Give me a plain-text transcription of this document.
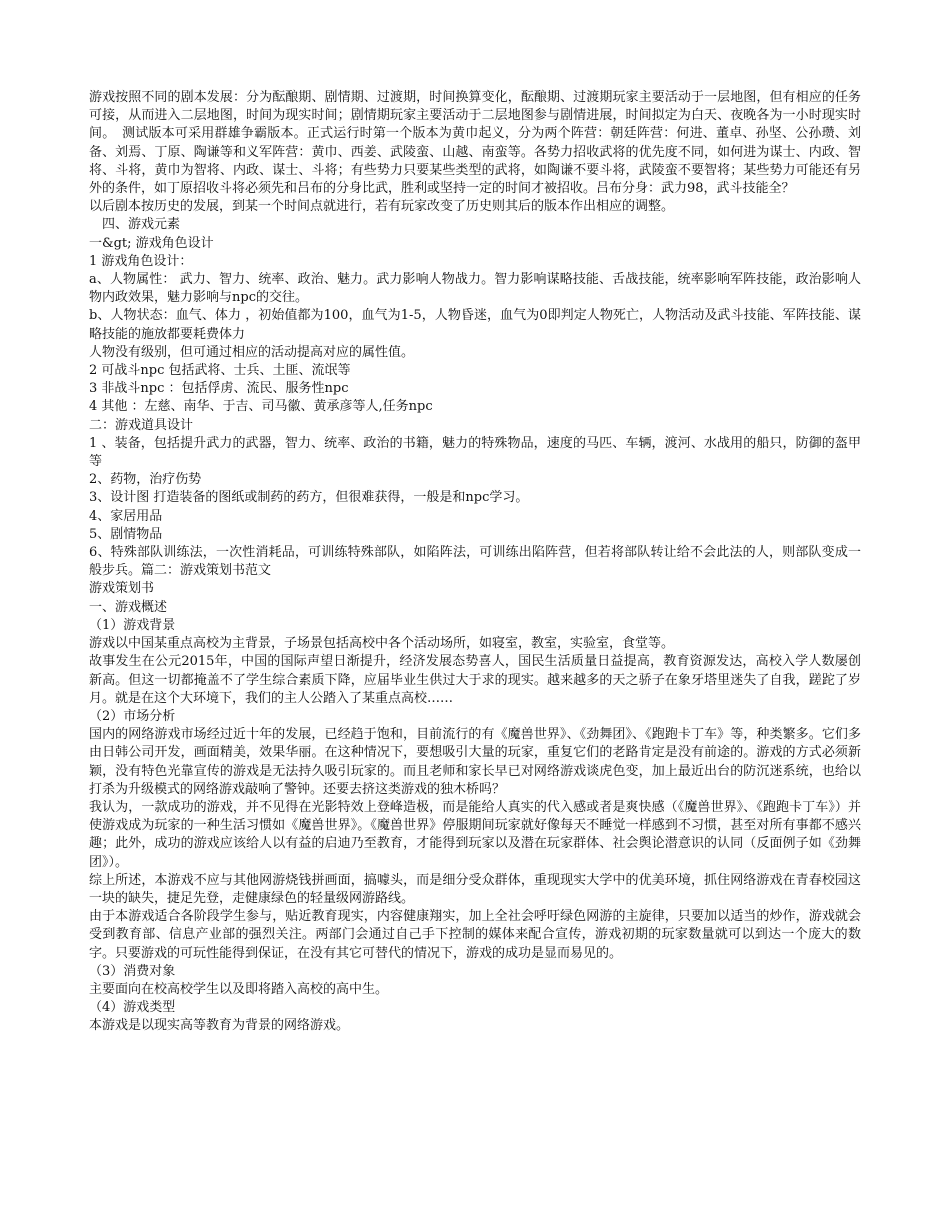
游戏按照不同的剧本发展：分为酝酿期、剧情期、过渡期，时间换算变化，酝酿期、过渡期玩家主要活动于一层地图，但有相应的任务可接，从而进入二层地图，时间为现实时间；剧情期玩家主要活动于二层地图参与剧情进展，时间拟定为白天、夜晚各为一小时现实时间。　测试版本可采用群雄争霸版本。正式运行时第一个版本为黄巾起义，分为两个阵营：朝廷阵营：何进、董卓、孙坚、公孙瓒、刘备、刘焉、丁原、陶谦等和义军阵营：黄巾、西姜、武陵蛮、山越、南蛮等。各势力招收武将的优先度不同，如何进为谋士、内政、智将、斗将，黄巾为智将、内政、谋士、斗将；有些势力只要某些类型的武将，如陶谦不要斗将，武陵蛮不要智将；某些势力可能还有另外的条件，如丁原招收斗将必须先和吕布的分身比武，胜利或坚持一定的时间才被招收。吕布分身：武力98，武斗技能全？

以后剧本按历史的发展，到某一个时间点就进行，若有玩家改变了历史则其后的版本作出相应的调整。

　四、游戏元素

一&gt; 游戏角色设计

1 游戏角色设计：

a、人物属性： 武力、智力、统率、政治、魅力。武力影响人物战力。智力影响谋略技能、舌战技能，统率影响军阵技能，政治影响人物内政效果，魅力影响与npc的交往。

b、人物状态：血气、体力 ，初始值都为100，血气为1-5，人物昏迷，血气为0即判定人物死亡，人物活动及武斗技能、军阵技能、谋略技能的施放都要耗费体力

人物没有级别，但可通过相应的活动提高对应的属性值。

2 可战斗npc 包括武将、士兵、土匪、流氓等

3 非战斗npc ：包括俘虏、流民、服务性npc

4 其他 ：左慈、南华、于吉、司马徽、黄承彦等人,任务npc

二：游戏道具设计

1 、装备，包括提升武力的武器，智力、统率、政治的书籍，魅力的特殊物品，速度的马匹、车辆，渡河、水战用的船只，防御的盔甲等

2、药物，治疗伤势

3、设计图 打造装备的图纸或制药的药方，但很难获得，一般是和npc学习。

4、家居用品

5、剧情物品

6、特殊部队训练法，一次性消耗品，可训练特殊部队，如陷阵法，可训练出陷阵营，但若将部队转让给不会此法的人，则部队变成一般步兵。篇二：游戏策划书范文

游戏策划书

一、游戏概述

（1）游戏背景

游戏以中国某重点高校为主背景，子场景包括高校中各个活动场所，如寝室，教室，实验室，食堂等。

故事发生在公元2015年，中国的国际声望日渐提升，经济发展态势喜人，国民生活质量日益提高，教育资源发达，高校入学人数屡创新高。但这一切都掩盖不了学生综合素质下降，应届毕业生供过大于求的现实。越来越多的天之骄子在象牙塔里迷失了自我，蹉跎了岁月。就是在这个大环境下，我们的主人公踏入了某重点高校……

（2）市场分析

国内的网络游戏市场经过近十年的发展，已经趋于饱和，目前流行的有《魔兽世界》、《劲舞团》、《跑跑卡丁车》等，种类繁多。它们多由日韩公司开发，画面精美，效果华丽。在这种情况下，要想吸引大量的玩家，重复它们的老路肯定是没有前途的。游戏的方式必须新颖，没有特色光靠宣传的游戏是无法持久吸引玩家的。而且老师和家长早已对网络游戏谈虎色变，加上最近出台的防沉迷系统，也给以打杀为升级模式的网络游戏敲响了警钟。还要去挤这类游戏的独木桥吗？

我认为，一款成功的游戏，并不见得在光影特效上登峰造极，而是能给人真实的代入感或者是爽快感（《魔兽世界》、《跑跑卡丁车》）并使游戏成为玩家的一种生活习惯如《魔兽世界》。《魔兽世界》停服期间玩家就好像每天不睡觉一样感到不习惯，甚至对所有事都不感兴趣；此外，成功的游戏应该给人以有益的启迪乃至教育，才能得到玩家以及潜在玩家群体、社会舆论潜意识的认同（反面例子如《劲舞团》）。

综上所述，本游戏不应与其他网游烧钱拼画面，搞噱头，而是细分受众群体，重现现实大学中的优美环境，抓住网络游戏在青春校园这一块的缺失，捷足先登，走健康绿色的轻量级网游路线。

由于本游戏适合各阶段学生参与，贴近教育现实，内容健康翔实，加上全社会呼吁绿色网游的主旋律，只要加以适当的炒作，游戏就会受到教育部、信息产业部的强烈关注。两部门会通过自己手下控制的媒体来配合宣传，游戏初期的玩家数量就可以到达一个庞大的数字。只要游戏的可玩性能得到保证，在没有其它可替代的情况下，游戏的成功是显而易见的。

（3）消费对象

主要面向在校高校学生以及即将踏入高校的高中生。

（4）游戏类型

本游戏是以现实高等教育为背景的网络游戏。
